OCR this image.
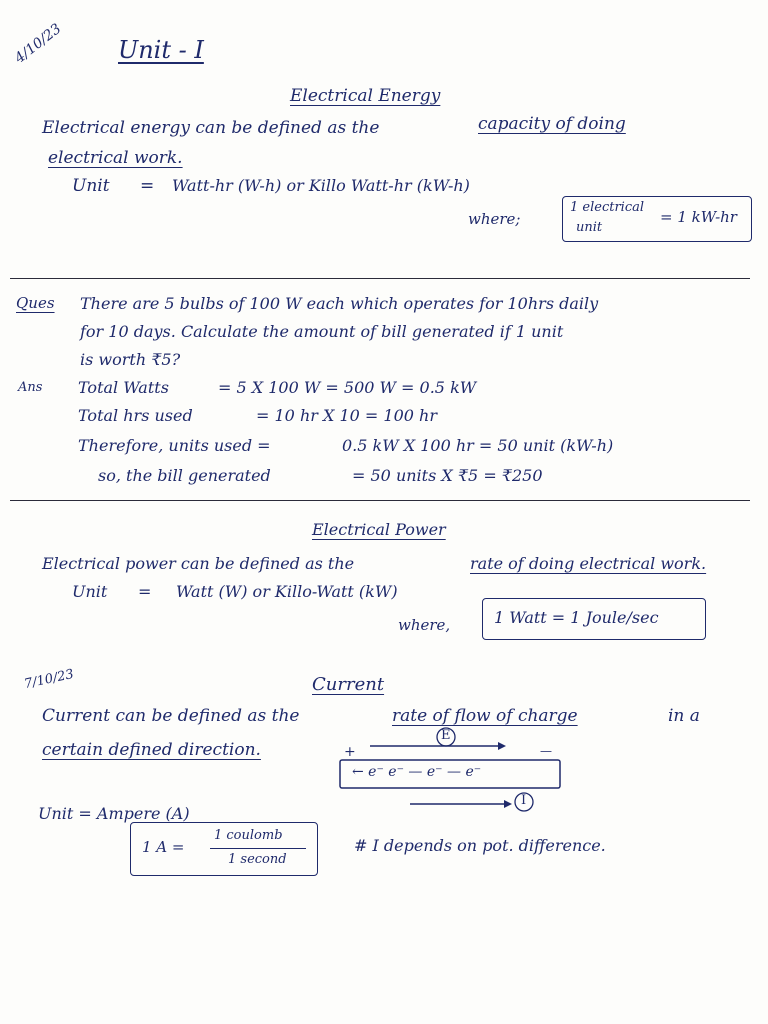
4/10/23 Unit - I
Electrical Energy
Electrical energy can be defined as the	capacity of doing
electrical work.
Unit = Watt-hr (W-h) or Killo Watt-hr (kW-h)
where;
1 electrical
unit
= 1 kW-hr
Ques There are 5 bulbs of 100 W each which operates for 10hrs daily
for 10 days. Calculate the amount of bill generated if 1 unit
is worth ₹5?
Ans Total Watts	= 5 X 100 W = 500 W = 0.5 kW
Total hrs used	= 10 hr X 10 = 100 hr
Therefore, units used =	0.5 kW X 100 hr = 50 unit (kW-h)
so, the bill generated	= 50 units X ₹5 = ₹250
Electrical Power
Electrical power can be defined as the	rate of doing electrical work.
Unit = Watt (W) or Killo-Watt (kW)
where,	1 Watt = 1 Joule/sec
7/10/23	Current
Current can be defined as the	rate of flow of charge	in a
certain defined direction.	+	—
E
← e⁻ e⁻ — e⁻ — e⁻
I
Unit = Ampere (A)
1 A =
1 coulomb
1 second
# I depends on pot. difference.
